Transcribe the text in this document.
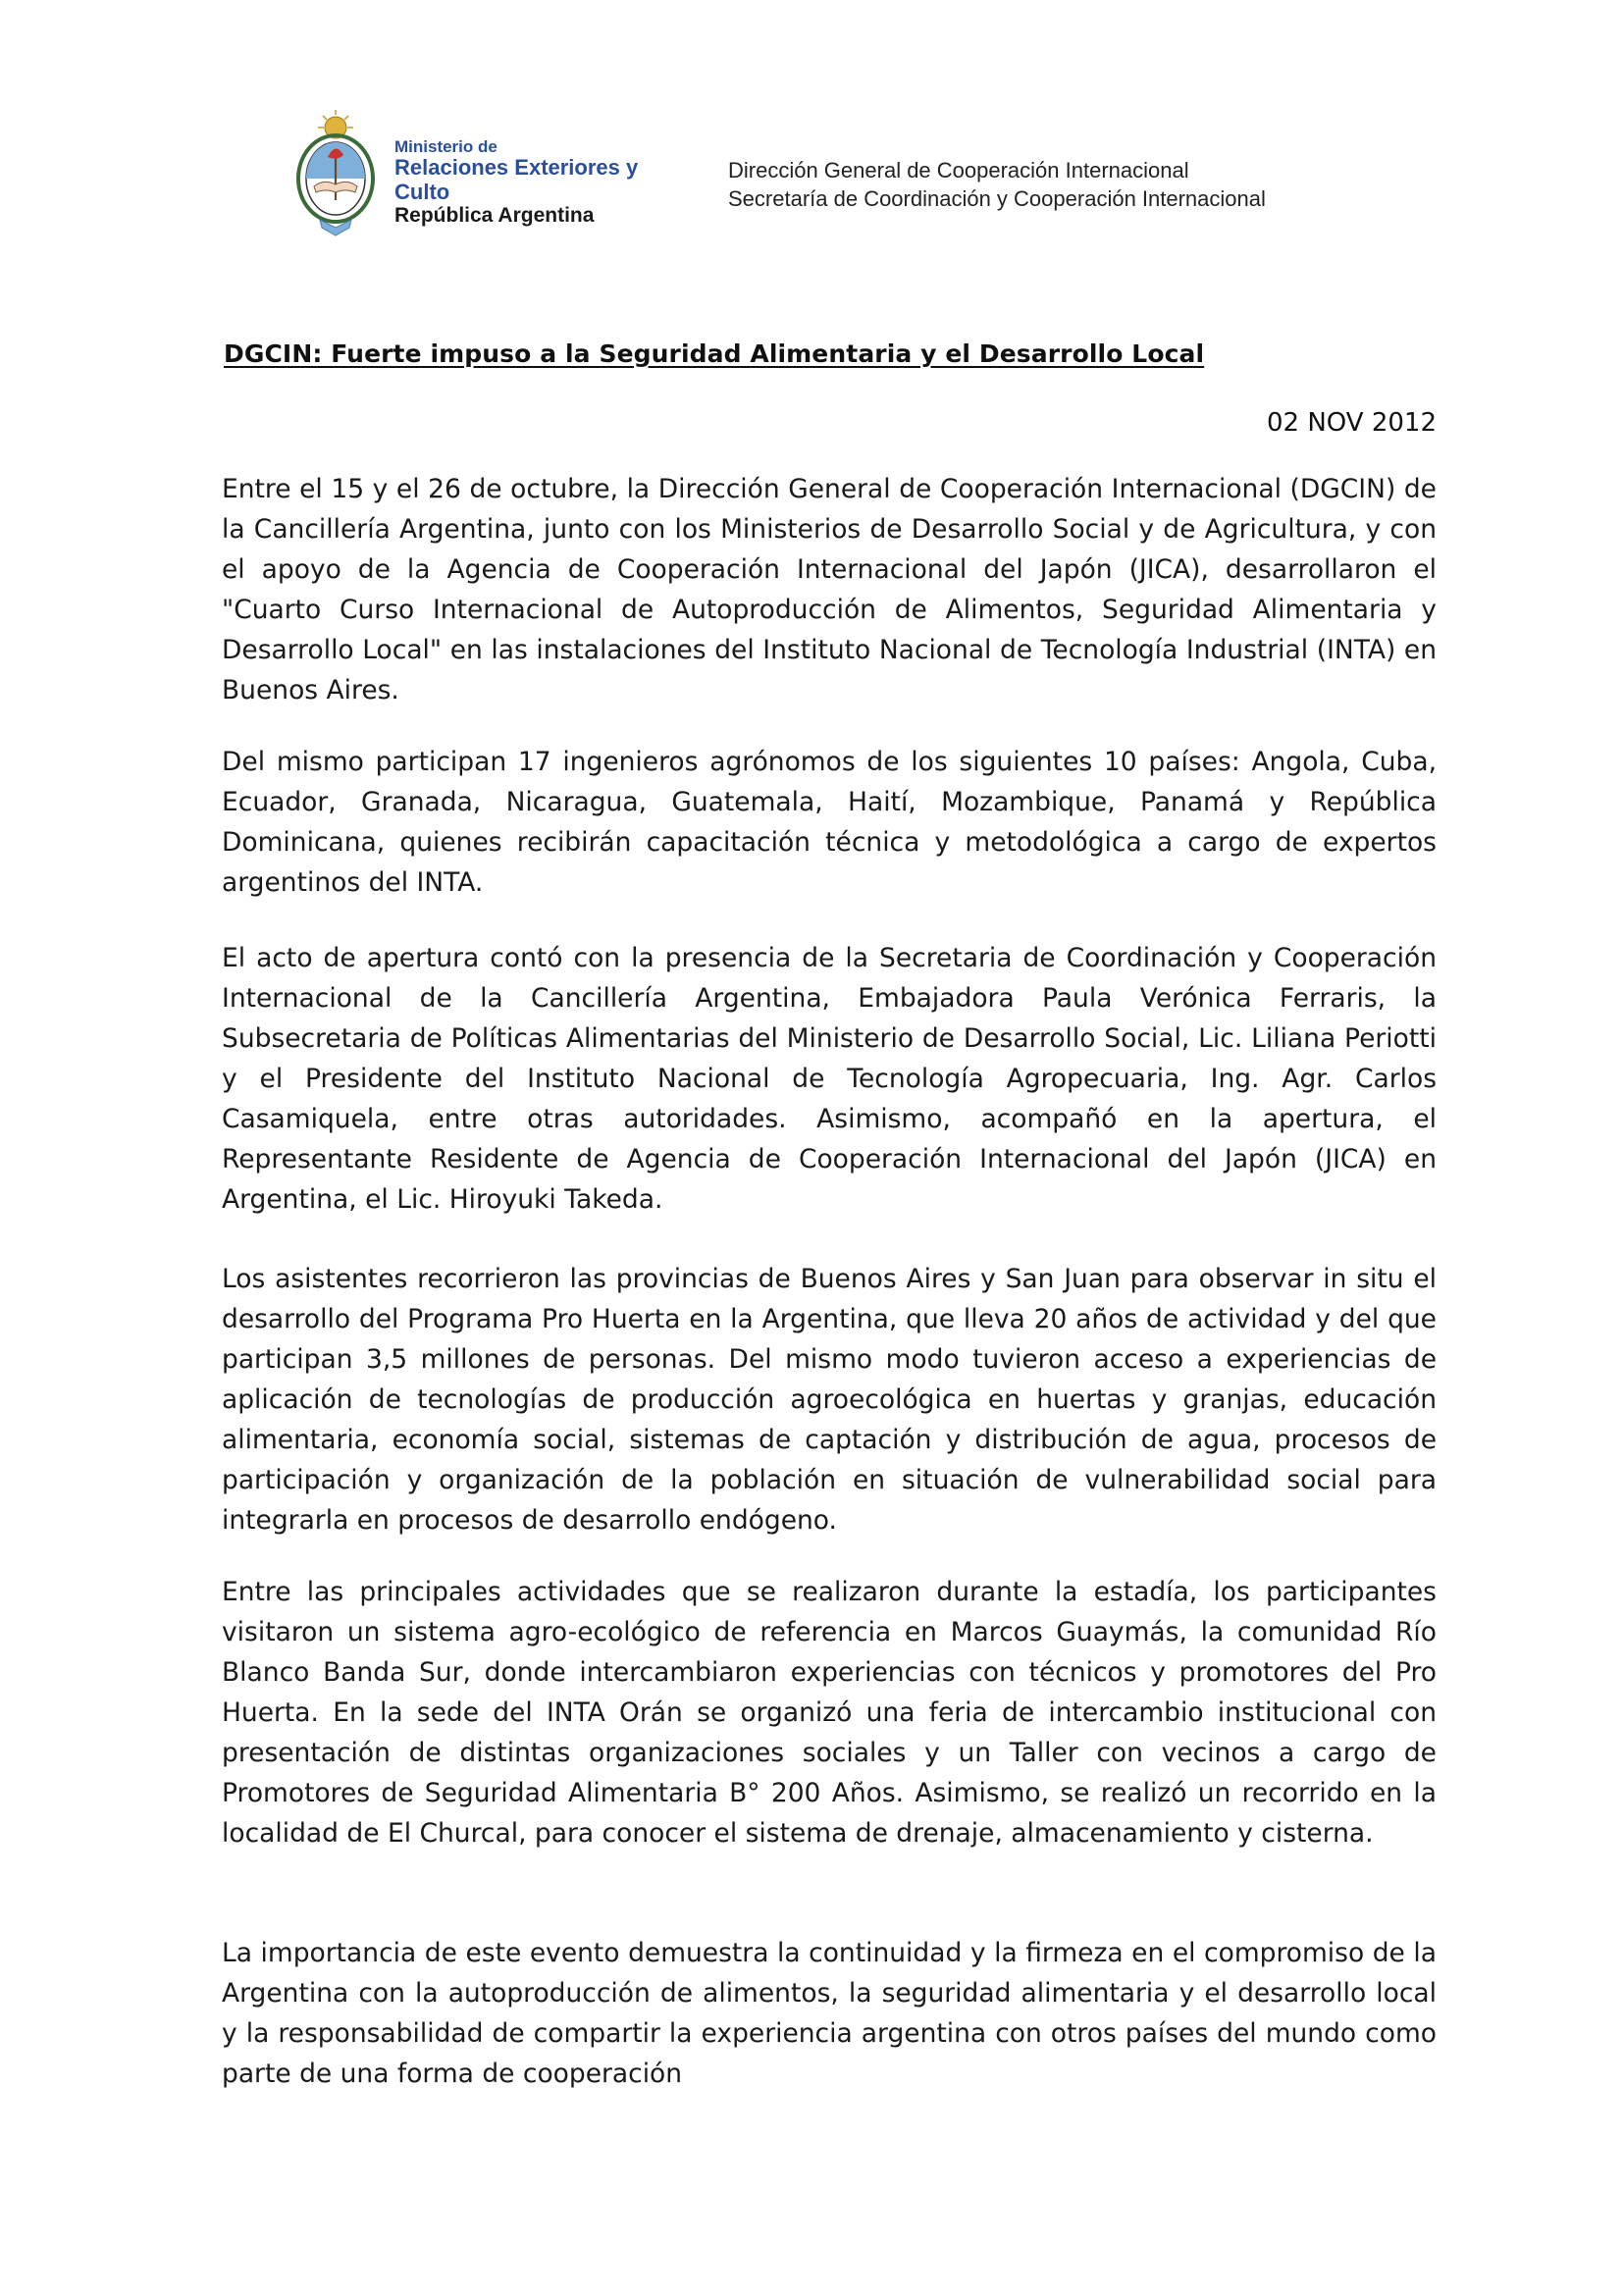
Ministerio de
Relaciones Exteriores y Culto
República Argentina
Dirección General de Cooperación Internacional
Secretaría de Coordinación y Cooperación Internacional
DGCIN: Fuerte impuso a la Seguridad Alimentaria y el Desarrollo Local
02 NOV 2012

Entre el 15 y el 26 de octubre, la Dirección General de Cooperación Internacional (DGCIN) de la Cancillería Argentina, junto con los Ministerios de Desarrollo Social y de Agricultura, y con el apoyo de la Agencia de Cooperación Internacional del Japón (JICA), desarrollaron el "Cuarto Curso Internacional de Autoproducción de Alimentos, Seguridad Alimentaria y Desarrollo Local" en las instalaciones del Instituto Nacional de Tecnología Industrial (INTA) en Buenos Aires.

Del mismo participan 17 ingenieros agrónomos de los siguientes 10 países: Angola, Cuba, Ecuador, Granada, Nicaragua, Guatemala, Haití, Mozambique, Panamá y República Dominicana, quienes recibirán capacitación técnica y metodológica a cargo de expertos argentinos del INTA.

El acto de apertura contó con la presencia de la Secretaria de Coordinación y Cooperación Internacional de la Cancillería Argentina, Embajadora Paula Verónica Ferraris, la Subsecretaria de Políticas Alimentarias del Ministerio de Desarrollo Social, Lic. Liliana Periotti y el Presidente del Instituto Nacional de Tecnología Agropecuaria, Ing. Agr. Carlos Casamiquela, entre otras autoridades. Asimismo, acompañó en la apertura, el Representante Residente de Agencia de Cooperación Internacional del Japón (JICA) en Argentina, el Lic. Hiroyuki Takeda.

Los asistentes recorrieron las provincias de Buenos Aires y San Juan para observar in situ el desarrollo del Programa Pro Huerta en la Argentina, que lleva 20 años de actividad y del que participan 3,5 millones de personas. Del mismo modo tuvieron acceso a experiencias de aplicación de tecnologías de producción agroecológica en huertas y granjas, educación alimentaria, economía social, sistemas de captación y distribución de agua, procesos de participación y organización de la población en situación de vulnerabilidad social para integrarla en procesos de desarrollo endógeno.

Entre las principales actividades que se realizaron durante la estadía, los participantes visitaron un sistema agro-ecológico de referencia en Marcos Guaymás, la comunidad Río Blanco Banda Sur, donde intercambiaron experiencias con técnicos y promotores del Pro Huerta. En la sede del INTA Orán se organizó una feria de intercambio institucional con presentación de distintas organizaciones sociales y un Taller con vecinos a cargo de Promotores de Seguridad Alimentaria B° 200 Años. Asimismo, se realizó un recorrido en la localidad de El Churcal, para conocer el sistema de drenaje, almacenamiento y cisterna.

La importancia de este evento demuestra la continuidad y la firmeza en el compromiso de la Argentina con la autoproducción de alimentos, la seguridad alimentaria y el desarrollo local y la responsabilidad de compartir la experiencia argentina con otros países del mundo como parte de una forma de cooperación
